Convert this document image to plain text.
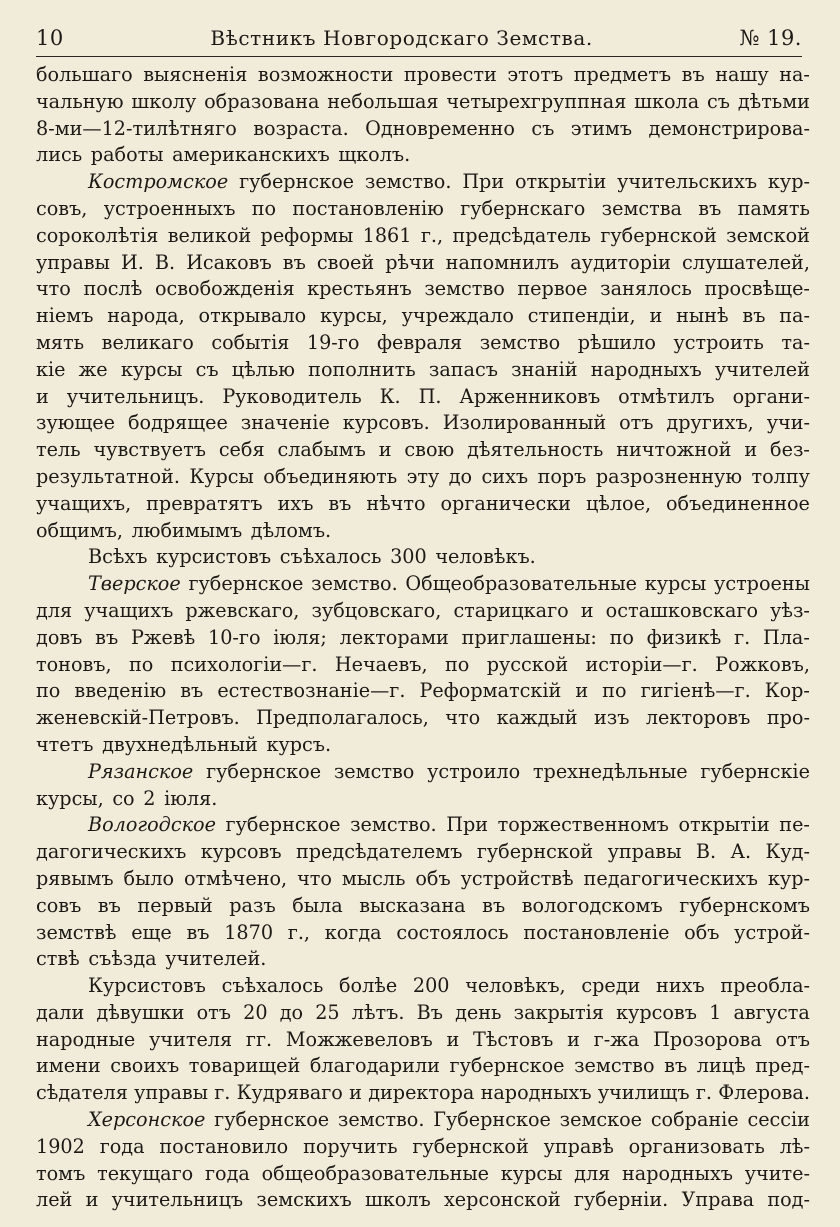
10	Вѣстникъ Новгородскаго Земства.	№ 19.
большаго выясненія возможности провести этотъ предметъ въ нашу на-
чальную школу образована небольшая четырехгруппная школа съ дѣтьми
8-ми—12-тилѣтняго возраста. Одновременно съ этимъ демонстрирова-
лись работы американскихъ щколъ.
Костромское губернское земство. При открытіи учительскихъ кур-
совъ, устроенныхъ по постановленію губернскаго земства въ память
сороколѣтія великой реформы 1861 г., предсѣдатель губернской земской
управы И. В. Исаковъ въ своей рѣчи напомнилъ аудиторіи слушателей,
что послѣ освобожденія крестьянъ земство первое занялось просвѣще-
ніемъ народа, открывало курсы, учреждало стипендіи, и нынѣ въ па-
мять великаго событія 19-го февраля земство рѣшило устроить та-
кіе же курсы съ цѣлью пополнить запасъ знаній народныхъ учителей
и учительницъ. Руководитель К. П. Арженниковъ отмѣтилъ органи-
зующее бодрящее значеніе курсовъ. Изолированный отъ другихъ, учи-
тель чувствуетъ себя слабымъ и свою дѣятельность ничтожной и без-
результатной. Курсы объединяють эту до сихъ поръ разрозненную толпу
учащихъ, превратятъ ихъ въ нѣчто органически цѣлое, объединенное
общимъ, любимымъ дѣломъ.
Всѣхъ курсистовъ съѣхалось 300 человѣкъ.
Тверское губернское земство. Общеобразовательные курсы устроены
для учащихъ ржевскаго, зубцовскаго, старицкаго и осташковскаго уѣз-
довъ въ Ржевѣ 10-го іюля; лекторами приглашены: по физикѣ г. Пла-
тоновъ, по психологіи—г. Нечаевъ, по русской исторіи—г. Рожковъ,
по введенію въ естествознаніе—г. Реформатскій и по гигіенѣ—г. Кор-
женевскій-Петровъ. Предполагалось, что каждый изъ лекторовъ про-
чтетъ двухнедѣльный курсъ.
Рязанское губернское земство устроило трехнедѣльные губернскіе
курсы, со 2 іюля.
Вологодское губернское земство. При торжественномъ открытіи пе-
дагогическихъ курсовъ предсѣдателемъ губернской управы В. А. Куд-
рявымъ было отмѣчено, что мысль объ устройствѣ педагогическихъ кур-
совъ въ первый разъ была высказана въ вологодскомъ губернскомъ
земствѣ еще въ 1870 г., когда состоялось постановленіе объ устрой-
ствѣ съѣзда учителей.
Курсистовъ съѣхалось болѣе 200 человѣкъ, среди нихъ преобла-
дали дѣвушки отъ 20 до 25 лѣтъ. Въ день закрытія курсовъ 1 августа
народные учителя гг. Можжевеловъ и Тѣстовъ и г-жа Прозорова отъ
имени своихъ товарищей благодарили губернское земство въ лицѣ пред-
сѣдателя управы г. Кудрявaго и директора народныхъ училищъ г. Флерова.
Херсонское губернское земство. Губернское земское собраніе сессіи
1902 года постановило поручить губернской управѣ организовать лѣ-
томъ текущаго года общеобразовательные курсы для народныхъ учите-
лей и учительницъ земскихъ школъ херсонской губерніи. Управа под-
